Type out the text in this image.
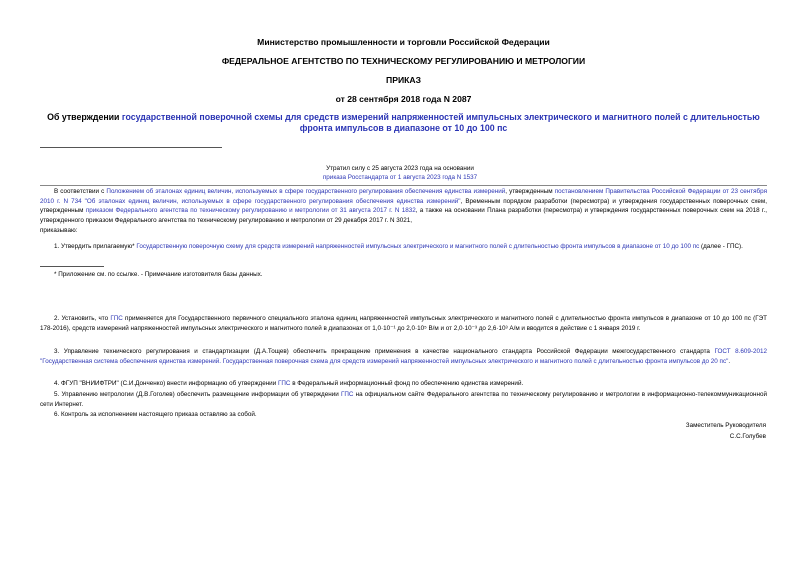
Министерство промышленности и торговли Российской Федерации
ФЕДЕРАЛЬНОЕ АГЕНТСТВО ПО ТЕХНИЧЕСКОМУ РЕГУЛИРОВАНИЮ И МЕТРОЛОГИИ
ПРИКАЗ
от 28 сентября 2018 года N 2087
Об утверждении государственной поверочной схемы для средств измерений напряженностей импульсных электрического и магнитного полей с длительностью
фронта импульсов в диапазоне от 10 до 100 пс
Утратил силу с 25 августа 2023 года на основании
приказа Росстандарта от 1 августа 2023 года N 1537
В соответствии с Положением об эталонах единиц величин, используемых в сфере государственного регулирования обеспечения единства измерений, утвержденным постановлением Правительства Российской Федерации от 23 сентября 2010 г. N 734 "Об эталонах единиц величин, используемых в сфере государственного регулирования обеспечения единства измерений", Временным порядком разработки (пересмотра) и утверждения государственных поверочных схем, утвержденным приказом Федерального агентства по техническому регулированию и метрологии от 31 августа 2017 г. N 1832, а также на основании Плана разработки (пересмотра) и утверждения государственных поверочных схем на 2018 г., утвержденного приказом Федерального агентства по техническому регулированию и метрологии от 29 декабря 2017 г. N 3021,
приказываю:
1. Утвердить прилагаемую* Государственную поверочную схему для средств измерений напряженностей импульсных электрического и магнитного полей с длительностью фронта импульсов в диапазоне от 10 до 100 пс (далее - ГПС).
* Приложение см. по ссылке. - Примечание изготовителя базы данных.
2. Установить, что ГПС применяется для Государственного первичного специального эталона единиц напряженностей импульсных электрического и магнитного полей с длительностью фронта импульсов в диапазоне от 10 до 100 пс (ГЭТ 178-2016), средств измерений напряженностей импульсных электрического и магнитного полей в диапазонах от 1,0·10⁻¹ до 2,0·10⁵ В/м и от 2,0·10⁻³ до 2,6·10³ А/м и вводится в действие с 1 января 2019 г.
3. Управление технического регулирования и стандартизации (Д.А.Тощев) обеспечить прекращение применения в качестве национального стандарта Российской Федерации межгосударственного стандарта ГОСТ 8.609-2012 "Государственная система обеспечения единства измерений. Государственная поверочная схема для средств измерений напряженностей импульсных электрического и магнитного полей с длительностью фронта импульсов до 20 пс".
4. ФГУП "ВНИИФТРИ" (С.И.Донченко) внести информацию об утверждении ГПС в Федеральный информационный фонд по обеспечению единства измерений.
5. Управлению метрологии (Д.В.Гоголев) обеспечить размещение информации об утверждении ГПС на официальном сайте Федерального агентства по техническому регулированию и метрологии в информационно-телекоммуникационной сети Интернет.
6. Контроль за исполнением настоящего приказа оставляю за собой.
Заместитель Руководителя
С.С.Голубев
